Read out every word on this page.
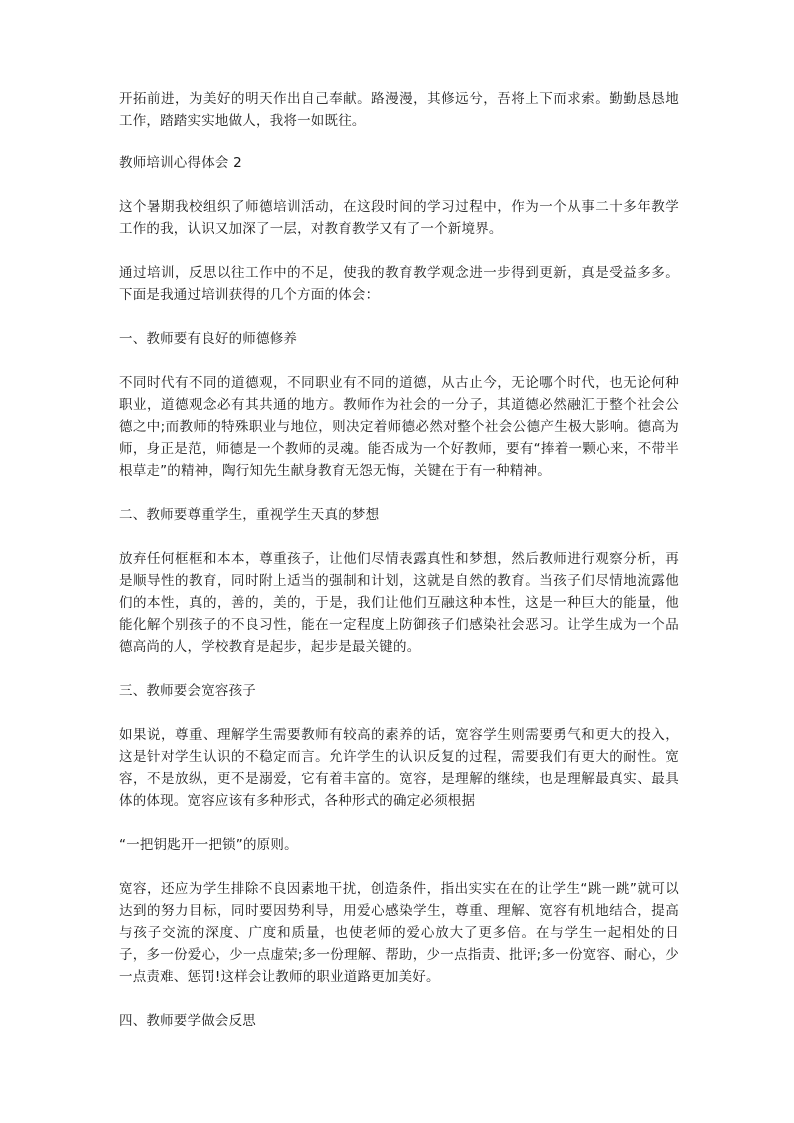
开拓前进，为美好的明天作出自己奉献。路漫漫，其修远兮，吾将上下而求索。勤勤恳恳地工作，踏踏实实地做人，我将一如既往。

教师培训心得体会 2

这个暑期我校组织了师德培训活动，在这段时间的学习过程中，作为一个从事二十多年教学工作的我，认识又加深了一层，对教育教学又有了一个新境界。

通过培训，反思以往工作中的不足，使我的教育教学观念进一步得到更新，真是受益多多。下面是我通过培训获得的几个方面的体会：

一、教师要有良好的师德修养

不同时代有不同的道德观，不同职业有不同的道德，从古止今，无论哪个时代，也无论何种职业，道德观念必有其共通的地方。教师作为社会的一分子，其道德必然融汇于整个社会公德之中;而教师的特殊职业与地位，则决定着师德必然对整个社会公德产生极大影响。德高为师，身正是范，师德是一个教师的灵魂。能否成为一个好教师，要有“捧着一颗心来，不带半根草走”的精神，陶行知先生献身教育无怨无悔，关键在于有一种精神。

二、教师要尊重学生，重视学生天真的梦想

放弃任何框框和本本，尊重孩子，让他们尽情表露真性和梦想，然后教师进行观察分析，再是顺导性的教育，同时附上适当的强制和计划，这就是自然的教育。当孩子们尽情地流露他们的本性，真的，善的，美的，于是，我们让他们互融这种本性，这是一种巨大的能量，他能化解个别孩子的不良习性，能在一定程度上防御孩子们感染社会恶习。让学生成为一个品德高尚的人，学校教育是起步，起步是最关键的。

三、教师要会宽容孩子

如果说，尊重、理解学生需要教师有较高的素养的话，宽容学生则需要勇气和更大的投入，这是针对学生认识的不稳定而言。允许学生的认识反复的过程，需要我们有更大的耐性。宽容，不是放纵，更不是溺爱，它有着丰富的。宽容，是理解的继续，也是理解最真实、最具体的体现。宽容应该有多种形式，各种形式的确定必须根据

“一把钥匙开一把锁”的原则。

宽容，还应为学生排除不良因素地干扰，创造条件，指出实实在在的让学生“跳一跳”就可以达到的努力目标，同时要因势利导，用爱心感染学生，尊重、理解、宽容有机地结合，提高与孩子交流的深度、广度和质量，也使老师的爱心放大了更多倍。在与学生一起相处的日子，多一份爱心，少一点虚荣;多一份理解、帮助，少一点指责、批评;多一份宽容、耐心，少一点责难、惩罚!这样会让教师的职业道路更加美好。

四、教师要学做会反思
